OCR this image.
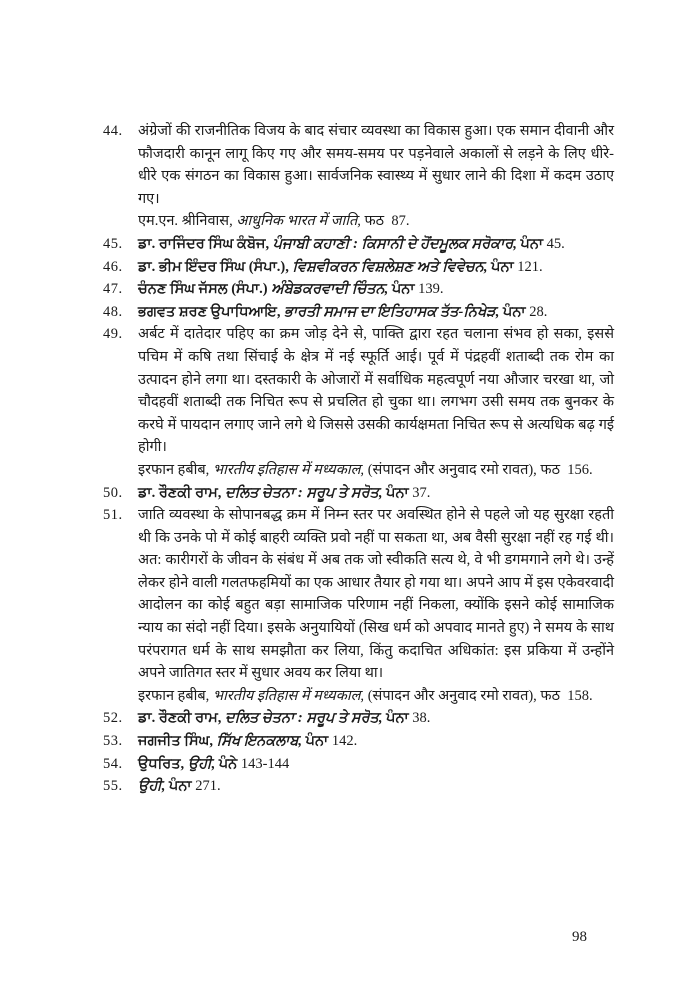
44.	अंग्रेजों की राजनीतिक विजय के बाद संचार व्यवस्था का विकास हुआ। एक समान दीवानी और फौजदारी कानून लागू किए गए और समय-समय पर पड़नेवाले अकालों से लड़ने के लिए धीरे-धीरे एक संगठन का विकास हुआ। सार्वजनिक स्वास्थ्य में सुधार लाने की दिशा में कदम उठाए गए।

एम.एन. श्रीनिवास, आधुनिक भारत में जाति, फठ  87.

45.	ਡਾ. ਰਾਜਿੰਦਰ ਸਿੰਘ ਕੰਬੋਜ, ਪੰਜਾਬੀ ਕਹਾਣੀ : ਕਿਸਾਨੀ ਦੇ ਹੋਂਦਮੂਲਕ ਸਰੋਕਾਰ, ਪੰਨਾ 45.

46.	ਡਾ. ਭੀਮ ਇੰਦਰ ਸਿੰਘ (ਸੰਪਾ.), ਵਿਸ਼ਵੀਕਰਨ ਵਿਸ਼ਲੇਸ਼ਣ ਅਤੇ ਵਿਵੇਚਨ, ਪੰਨਾ 121.

47.	ਚੰਨਣ ਸਿੰਘ ਜੱਸਲ (ਸੰਪਾ.) ਅੰਬੇਡਕਰਵਾਦੀ ਚਿੰਤਨ, ਪੰਨਾ 139.

48.	ਭਗਵਤ ਸ਼ਰਣ ਉਪਾਧਿਆਇ, ਭਾਰਤੀ ਸਮਾਜ ਦਾ ਇਤਿਹਾਸਕ ਤੱਤ-ਨਿਖੇੜ, ਪੰਨਾ 28.

49.	अर्बट में दातेदार पहिए का क्रम जोड़ देने से, पाक्ति द्वारा रहत चलाना संभव हो सका, इससे पचिम में कषि तथा सिंचाई के क्षेत्र में नई स्फूर्ति आई। पूर्व में पंद्रहवीं शताब्दी तक रोम का उत्पादन होने लगा था। दस्तकारी के ओजारों में सर्वाधिक महत्वपूर्ण नया औजार चरखा था, जो चौदहवीं शताब्दी तक निचित रूप से प्रचलित हो चुका था। लगभग उसी समय तक बुनकर के करघे में पायदान लगाए जाने लगे थे जिससे उसकी कार्यक्षमता निचित रूप से अत्यधिक बढ़ गई होगी।

इरफान हबीब, भारतीय इतिहास में मध्यकाल, (संपादन और अनुवाद रमो रावत), फठ  156.

50.	ਡਾ. ਰੌਣਕੀ ਰਾਮ, ਦਲਿਤ ਚੇਤਨਾ : ਸਰੂਪ ਤੇ ਸਰੋਤ, ਪੰਨਾ 37.

51.	जाति व्यवस्था के सोपानबद्ध क्रम में निम्न स्तर पर अवस्थित होने से पहले जो यह सुरक्षा रहती थी कि उनके पो में कोई बाहरी व्यक्ति प्रवो नहीं पा सकता था, अब वैसी सुरक्षा नहीं रह गई थी। अत: कारीगरों के जीवन के संबंध में अब तक जो स्वीकति सत्य थे, वे भी डगमगाने लगे थे। उन्हें लेकर होने वाली गलतफहमियों का एक आधार तैयार हो गया था। अपने आप में इस एकेवरवादी आदोलन का कोई बहुत बड़ा सामाजिक परिणाम नहीं निकला, क्योंकि इसने कोई सामाजिक न्याय का संदो नहीं दिया। इसके अनुयायियों (सिख धर्म को अपवाद मानते हुए) ने समय के साथ परंपरागत धर्म के साथ समझौता कर लिया, किंतु कदाचित अधिकांत: इस प्रकिया में उन्होंने अपने जातिगत स्तर में सुधार अवय कर लिया था।

इरफान हबीब, भारतीय इतिहास में मध्यकाल, (संपादन और अनुवाद रमो रावत), फठ  158.

52.	ਡਾ. ਰੌਣਕੀ ਰਾਮ, ਦਲਿਤ ਚੇਤਨਾ : ਸਰੂਪ ਤੇ ਸਰੋਤ, ਪੰਨਾ 38.

53.	ਜਗਜੀਤ ਸਿੰਘ, ਸਿੱਖ ਇਨਕਲਾਬ, ਪੰਨਾ 142.

54.	ਉਧਰਿਤ, ਉਹੀ, ਪੰਨੇ 143-144

55.	ਉਹੀ, ਪੰਨਾ 271.

98
